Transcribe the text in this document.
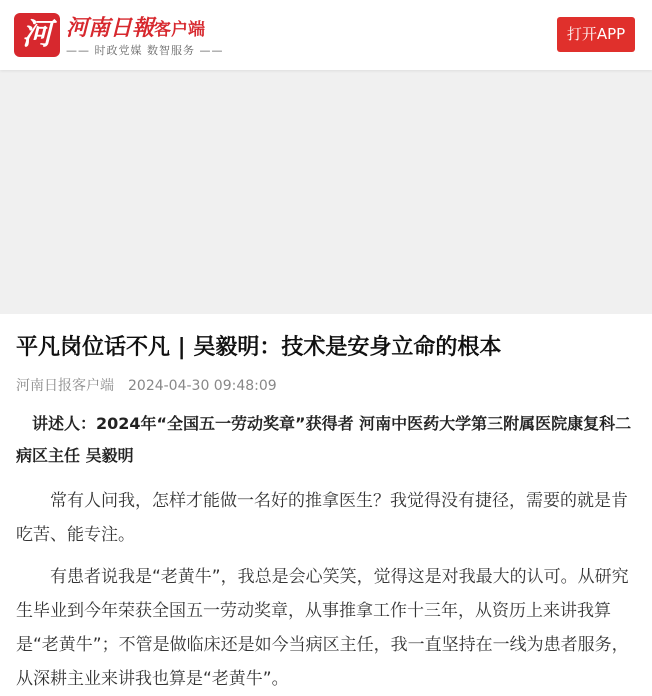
河 河南日報 客户端
—— 时政党媒 数智服务 ——
打开APP
平凡岗位话不凡 | 吴毅明：技术是安身立命的根本
河南日报客户端 2024-04-30 09:48:09

讲述人：2024年“全国五一劳动奖章”获得者 河南中医药大学第三附属医院康复科二病区主任 吴毅明

常有人问我，怎样才能做一名好的推拿医生？我觉得没有捷径，需要的就是肯吃苦、能专注。

有患者说我是“老黄牛”，我总是会心笑笑，觉得这是对我最大的认可。从研究生毕业到今年荣获全国五一劳动奖章，从事推拿工作十三年，从资历上来讲我算是“老黄牛”；不管是做临床还是如今当病区主任，我一直坚持在一线为患者服务，从深耕主业来讲我也算是“老黄牛”。
